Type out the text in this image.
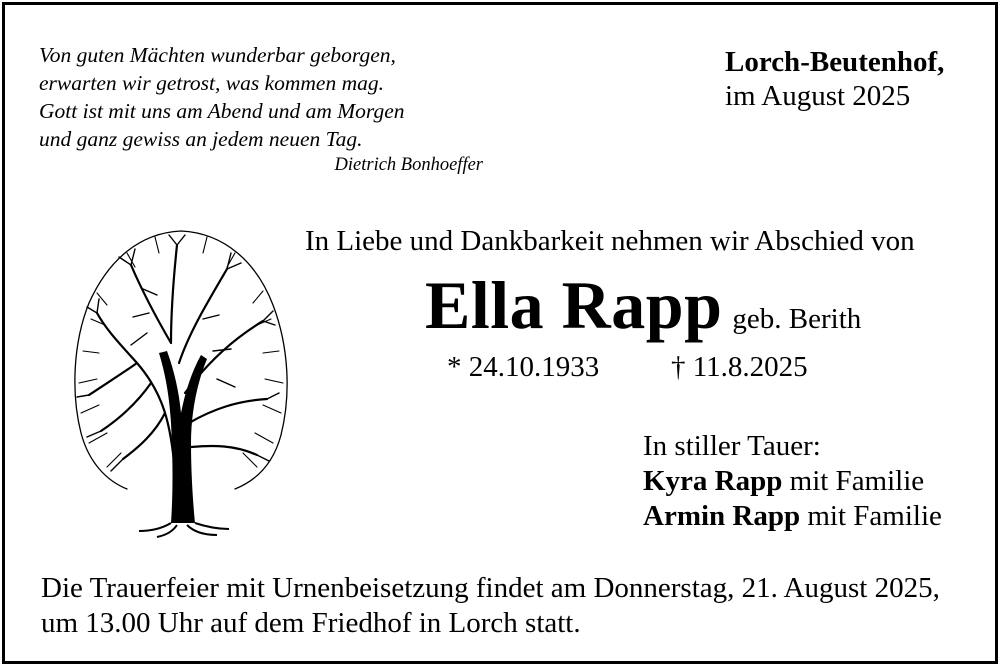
Von guten Mächten wunderbar geborgen,
erwarten wir getrost, was kommen mag.
Gott ist mit uns am Abend und am Morgen
und ganz gewiss an jedem neuen Tag.
Dietrich Bonhoeffer
Lorch-Beutenhof,
im August 2025
In Liebe und Dankbarkeit nehmen wir Abschied von
Ella Rapp geb. Berith
* 24.10.1933 † 11.8.2025
In stiller Tauer:
Kyra Rapp mit Familie
Armin Rapp mit Familie
Die Trauerfeier mit Urnenbeisetzung findet am Donnerstag, 21. August 2025,
um 13.00 Uhr auf dem Friedhof in Lorch statt.
